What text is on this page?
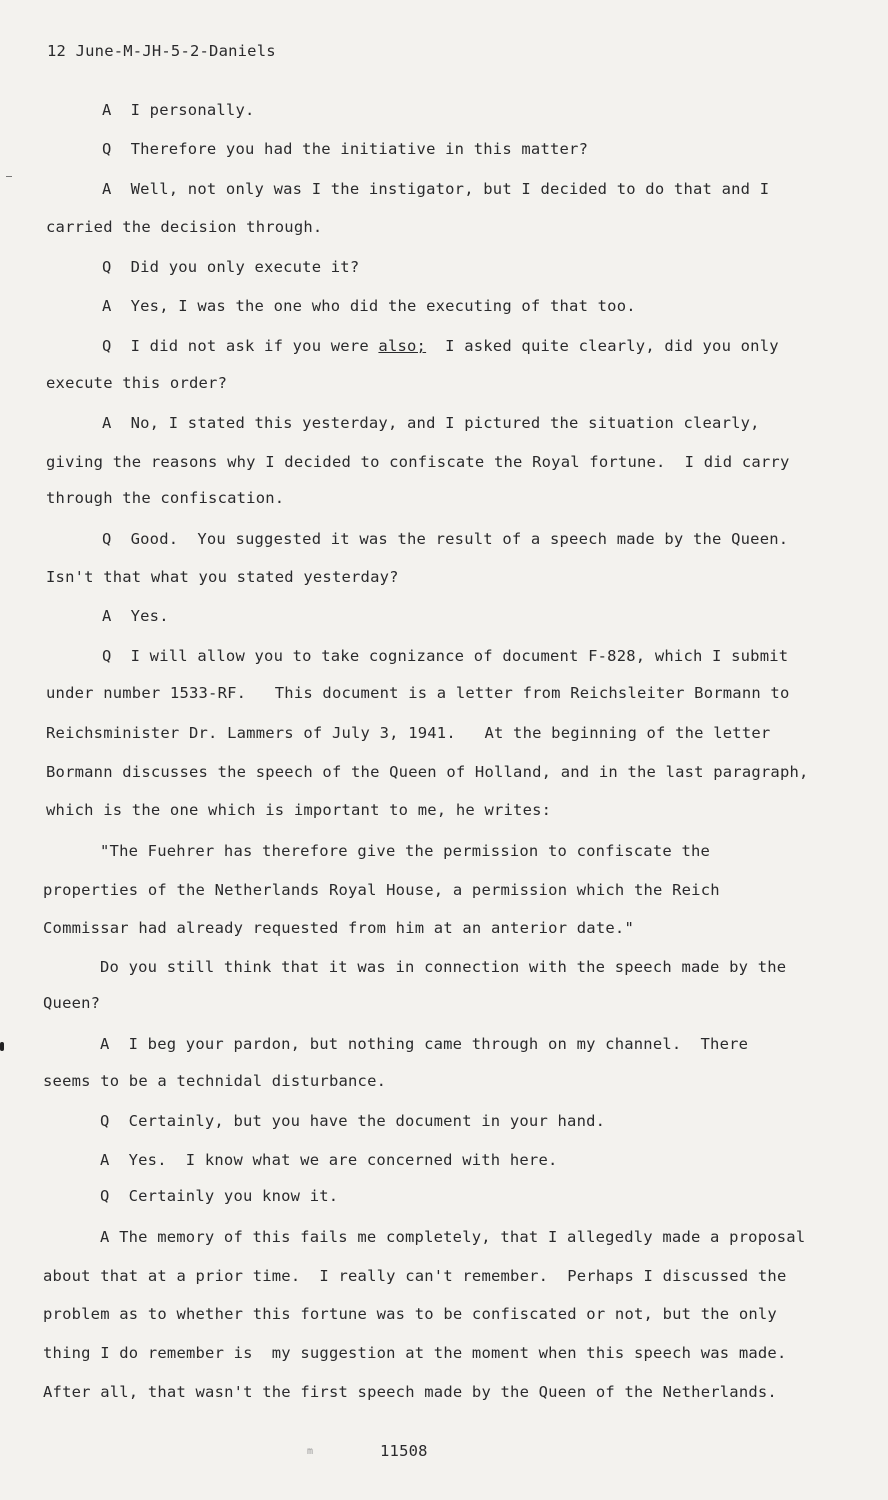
12 June-M-JH-5-2-Daniels
A  I personally.
Q  Therefore you had the initiative in this matter?
A  Well, not only was I the instigator, but I decided to do that and I
carried the decision through.
Q  Did you only execute it?
A  Yes, I was the one who did the executing of that too.
Q  I did not ask if you were also;  I asked quite clearly, did you only
execute this order?
A  No, I stated this yesterday, and I pictured the situation clearly,
giving the reasons why I decided to confiscate the Royal fortune.  I did carry
through the confiscation.
Q  Good.  You suggested it was the result of a speech made by the Queen.
Isn't that what you stated yesterday?
A  Yes.
Q  I will allow you to take cognizance of document F-828, which I submit
under number 1533-RF.   This document is a letter from Reichsleiter Bormann to
Reichsminister Dr. Lammers of July 3, 1941.   At the beginning of the letter
Bormann discusses the speech of the Queen of Holland, and in the last paragraph,
which is the one which is important to me, he writes:
"The Fuehrer has therefore give the permission to confiscate the
properties of the Netherlands Royal House, a permission which the Reich
Commissar had already requested from him at an anterior date."
Do you still think that it was in connection with the speech made by the
Queen?
A  I beg your pardon, but nothing came through on my channel.  There
seems to be a technidal disturbance.
Q  Certainly, but you have the document in your hand.
A  Yes.  I know what we are concerned with here.
Q  Certainly you know it.
A The memory of this fails me completely, that I allegedly made a proposal
about that at a prior time.  I really can't remember.  Perhaps I discussed the
problem as to whether this fortune was to be confiscated or not, but the only
thing I do remember is  my suggestion at the moment when this speech was made.
After all, that wasn't the first speech made by the Queen of the Netherlands.
m	11508
